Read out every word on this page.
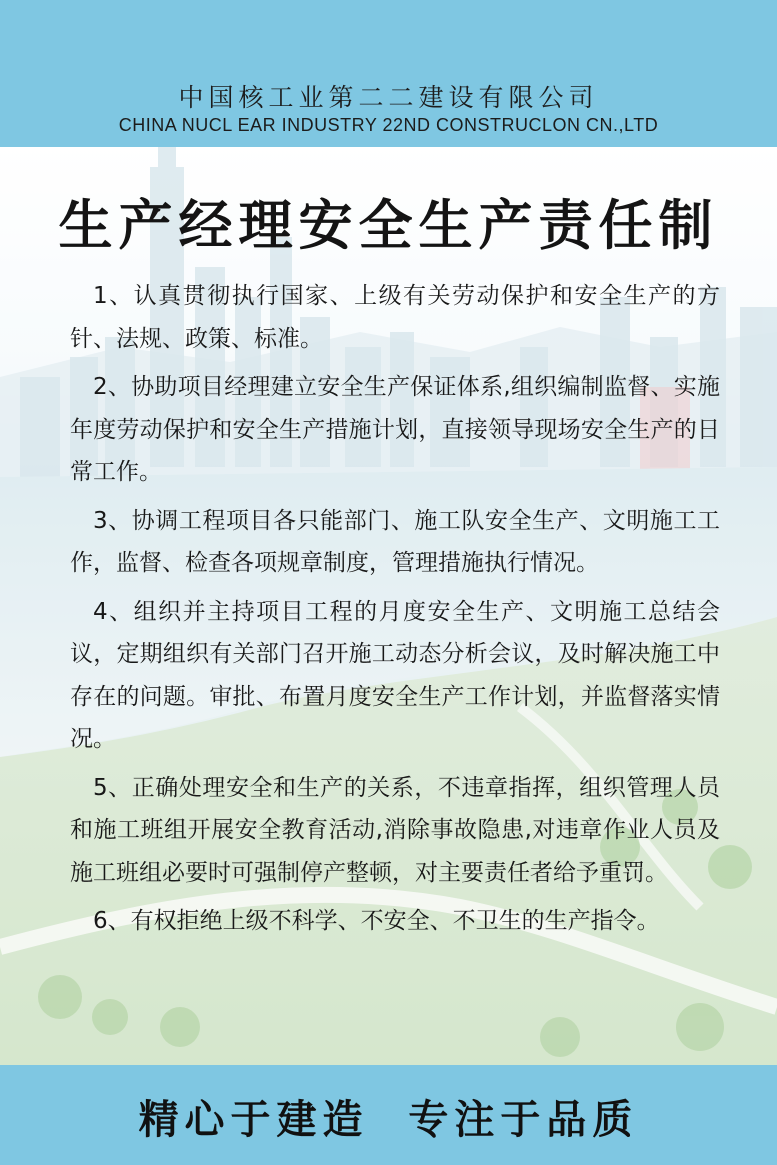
中国核工业第二二建设有限公司
CHINA NUCL EAR INDUSTRY 22ND CONSTRUCLON CN.,LTD
生产经理安全生产责任制

1、认真贯彻执行国家、上级有关劳动保护和安全生产的方针、法规、政策、标准。

2、协助项目经理建立安全生产保证体系,组织编制监督、实施年度劳动保护和安全生产措施计划，直接领导现场安全生产的日常工作。

3、协调工程项目各只能部门、施工队安全生产、文明施工工作，监督、检查各项规章制度，管理措施执行情况。

4、组织并主持项目工程的月度安全生产、文明施工总结会议，定期组织有关部门召开施工动态分析会议，及时解决施工中存在的问题。审批、布置月度安全生产工作计划，并监督落实情况。

5、正确处理安全和生产的关系，不违章指挥，组织管理人员和施工班组开展安全教育活动,消除事故隐患,对违章作业人员及施工班组必要时可强制停产整顿，对主要责任者给予重罚。

6、有权拒绝上级不科学、不安全、不卫生的生产指令。

精心于建造  专注于品质
